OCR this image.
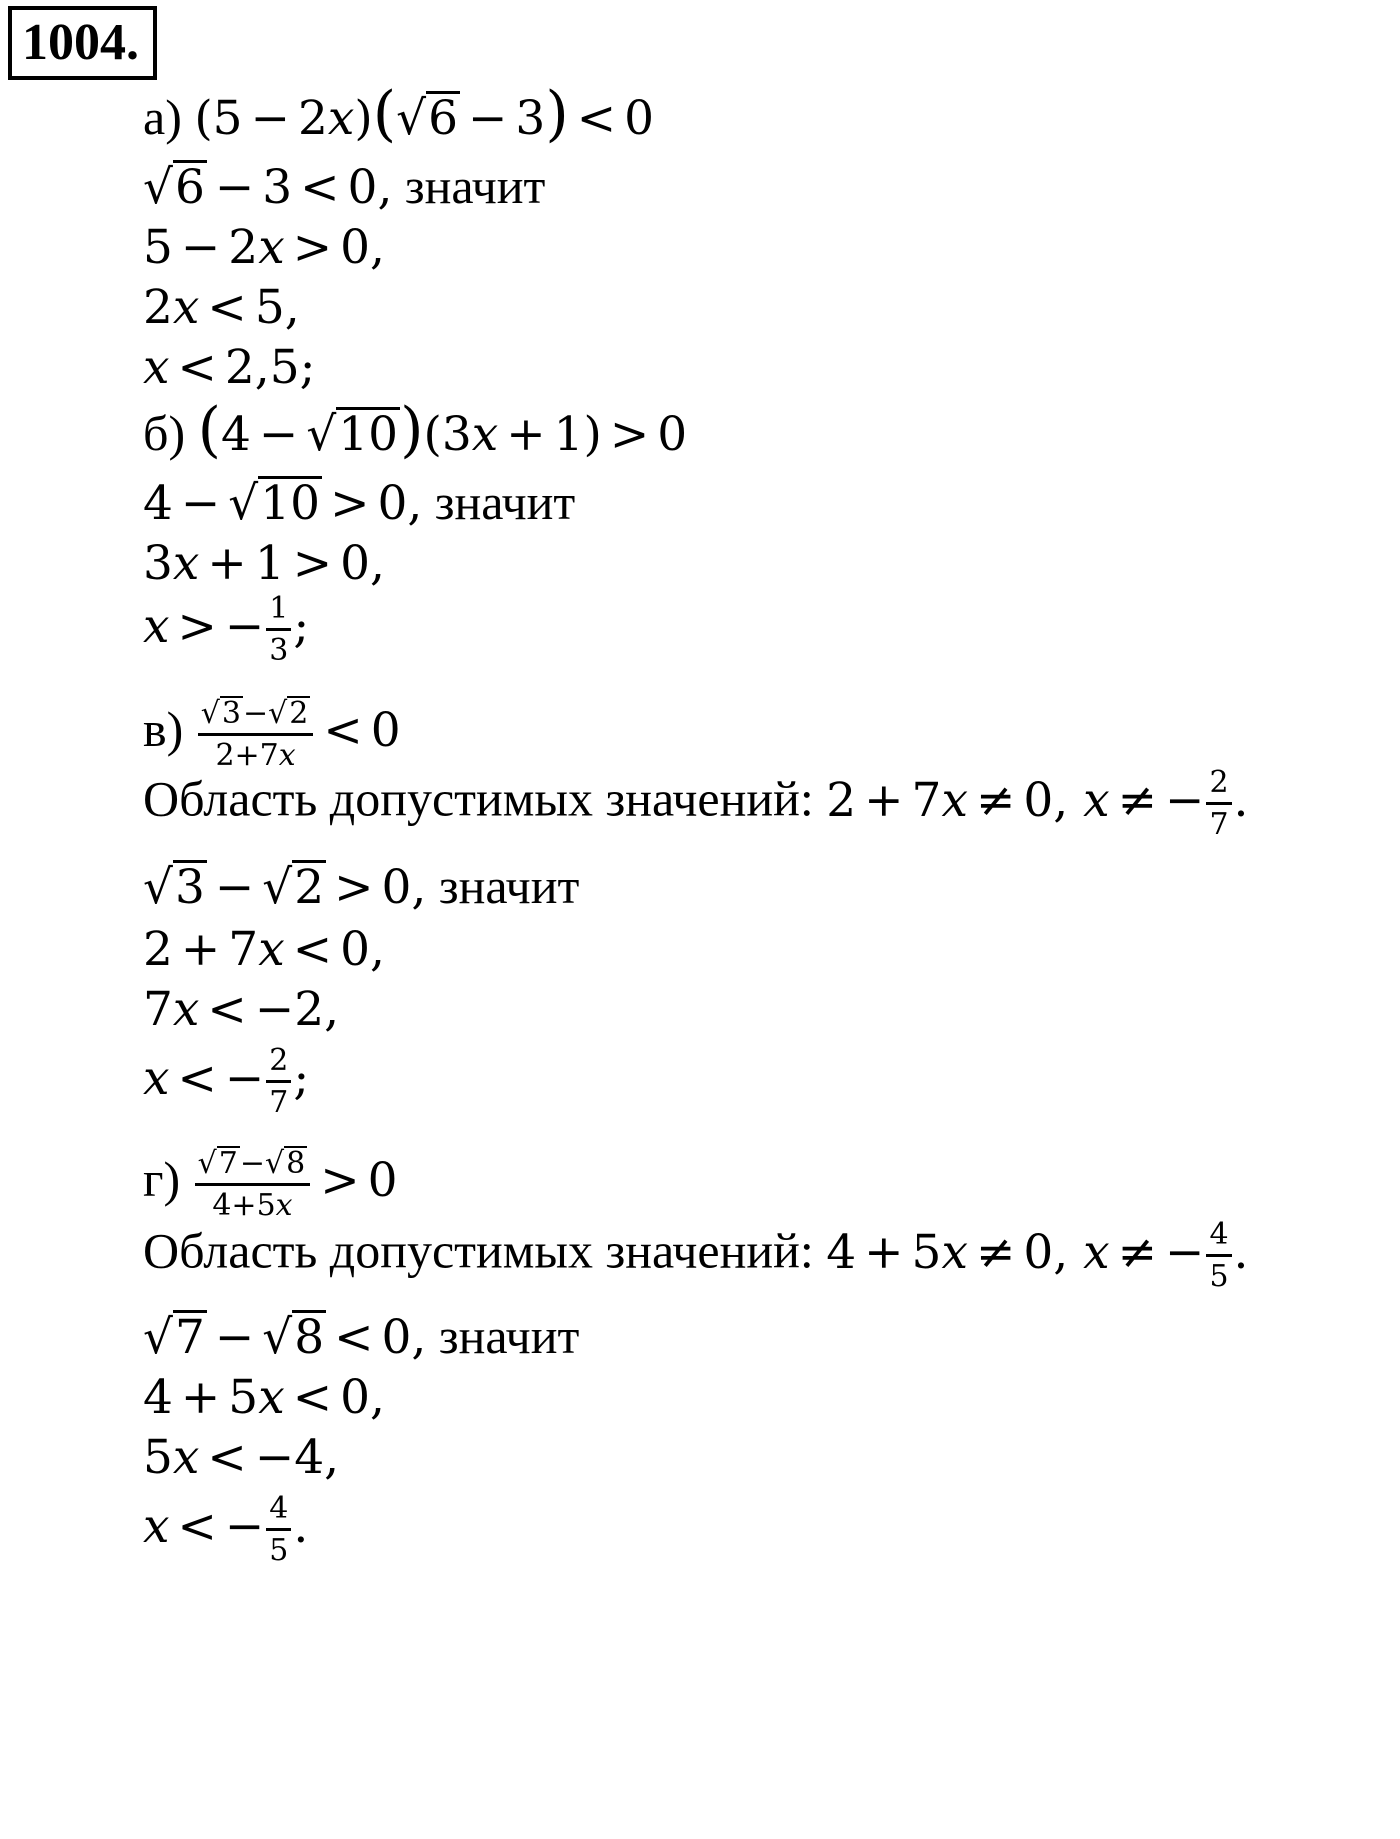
1004.
а) (5 − 2x)(√6 − 3) < 0
√6 − 3 < 0, значит
5 − 2x > 0,
2x < 5,
x < 2,5;
б) (4 − √10)(3x + 1) > 0
4 − √10 > 0, значит
3x + 1 > 0,
x > − $\frac{1}{3}$ ;
$в) \frac{√3-√2}{2+7x} < 0$
Область допустимых значений: 2 + 7x ≠ 0, x ≠ − $\frac{2}{7}$ .
√3 − √2 > 0, значит
2 + 7x < 0,
7x < −2,
x < − $\frac{2}{7}$ ;
$г) \frac{√7-√8}{4+5x} > 0$
Область допустимых значений: 4 + 5x ≠ 0, x ≠ − $\frac{4}{5}$ .
√7 − √8 < 0, значит
4 + 5x < 0,
5x < −4,
x < − $\frac{4}{5}$ .
